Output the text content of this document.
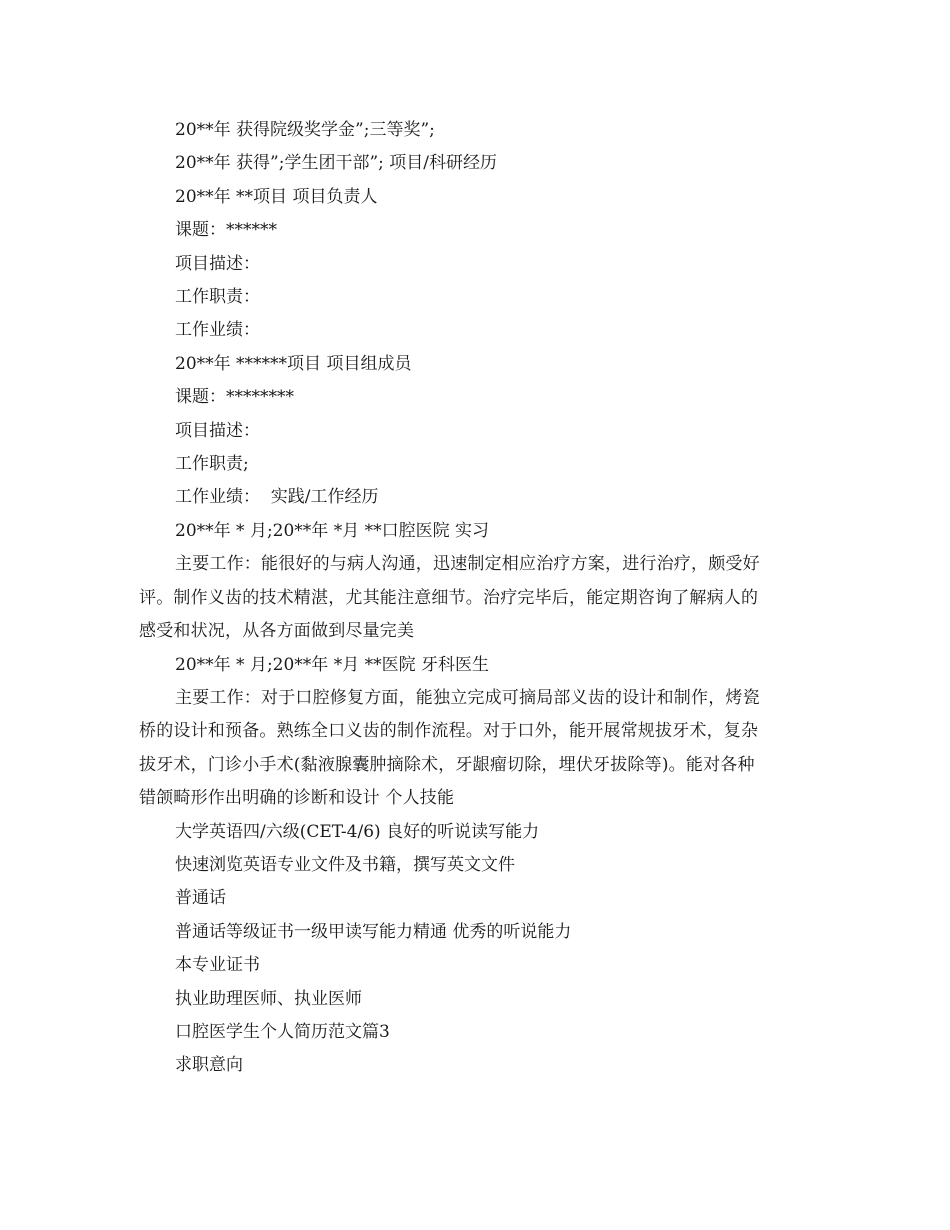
20**年 获得院级奖学金”;三等奖”;

20**年 获得”;学生团干部”; 项目/科研经历

20**年 **项目 项目负责人

课题：******

项目描述：

工作职责：

工作业绩：

20**年 ******项目 项目组成员

课题：********

项目描述：

工作职责;

工作业绩：  实践/工作经历

20**年 * 月;20**年 *月 **口腔医院 实习

主要工作：能很好的与病人沟通，迅速制定相应治疗方案，进行治疗，颇受好
评。制作义齿的技术精湛，尤其能注意细节。治疗完毕后，能定期咨询了解病人的
感受和状况，从各方面做到尽量完美

20**年 * 月;20**年 *月 **医院 牙科医生

主要工作：对于口腔修复方面，能独立完成可摘局部义齿的设计和制作，烤瓷
桥的设计和预备。熟练全口义齿的制作流程。对于口外，能开展常规拔牙术，复杂
拔牙术，门诊小手术(黏液腺囊肿摘除术，牙龈瘤切除，埋伏牙拔除等)。能对各种
错颌畸形作出明确的诊断和设计 个人技能

大学英语四/六级(CET-4/6) 良好的听说读写能力

快速浏览英语专业文件及书籍，撰写英文文件

普通话

普通话等级证书一级甲读写能力精通 优秀的听说能力

本专业证书

执业助理医师、执业医师

口腔医学生个人简历范文篇3

求职意向
